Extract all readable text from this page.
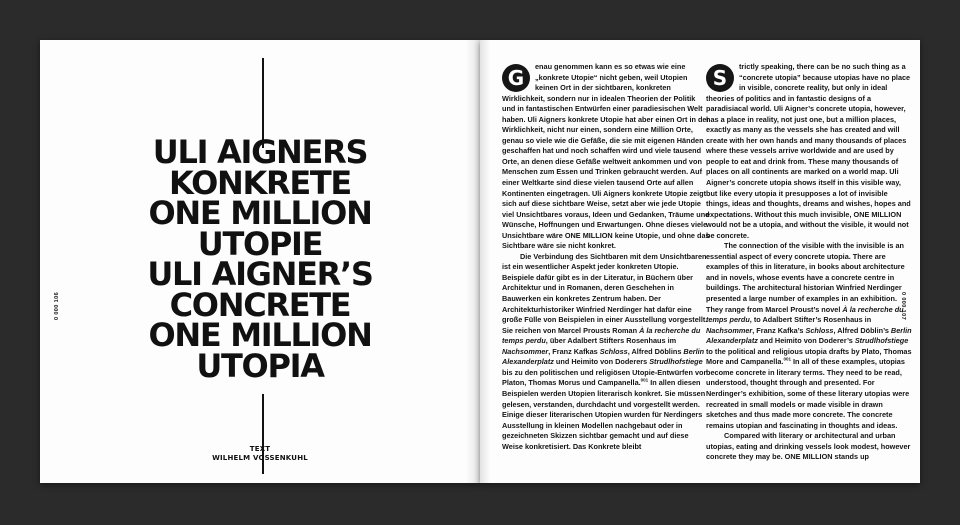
ULI AIGNERS
KONKRETE
ONE MILLION
UTOPIE
ULI AIGNER’S
CONCRETE
ONE MILLION
UTOPIA
TEXT
WILHELM VOSSENKUHL
0 000 106

G	enau genommen kann es so etwas wie eine „konkrete Utopie“ nicht geben, weil Utopien keinen Ort in der sichtbaren, konkreten Wirklichkeit, sondern nur in idealen Theorien der Politik und in fantastischen Entwürfen einer paradiesischen Welt haben. Uli Aigners konkrete Utopie hat aber einen Ort in der Wirklichkeit, nicht nur einen, sondern eine Million Orte, genau so viele wie die Gefäße, die sie mit eigenen Händen geschaffen hat und noch schaffen wird und viele tausend Orte, an denen diese Gefäße weltweit ankommen und von Menschen zum Essen und Trinken gebraucht werden. Auf einer Weltkarte sind diese vielen tausend Orte auf allen Kontinenten eingetragen. Uli Aigners konkrete Utopie zeigt sich auf diese sichtbare Weise, setzt aber wie jede Utopie viel Unsichtbares voraus, Ideen und Gedanken, Träume und Wünsche, Hoffnungen und Erwartungen. Ohne dieses viele Unsichtbare wäre ONE MILLION keine Utopie, und ohne das Sichtbare wäre sie nicht konkret.

Die Verbindung des Sichtbaren mit dem Unsichtbaren ist ein wesentlicher Aspekt jeder konkreten Utopie. Beispiele dafür gibt es in der Literatur, in Büchern über Architektur und in Romanen, deren Geschehen in Bauwerken ein konkretes Zentrum haben. Der Architekturhistoriker Winfried Nerdinger hat dafür eine große Fülle von Beispielen in einer Ausstellung vorgestellt. Sie reichen von Marcel Prousts Roman À la recherche du temps perdu, über Adalbert Stifters Rosenhaus im Nachsommer, Franz Kafkas Schloss, Alfred Döblins Berlin Alexanderplatz und Heimito von Doderers Strudlhofstiege bis zu den politischen und religiösen Utopie-Entwürfen von Platon, Thomas Morus und Campanella.$^{001}$ In allen diesen Beispielen werden Utopien literarisch konkret. Sie müssen gelesen, verstanden, durchdacht und vorgestellt werden. Einige dieser literarischen Utopien wurden für Nerdingers Ausstellung in kleinen Modellen nachgebaut oder in gezeichneten Skizzen sichtbar gemacht und auf diese Weise konkretisiert. Das Konkrete bleibt

S	trictly speaking, there can be no such thing as a “concrete utopia” because utopias have no place in visible, concrete reality, but only in ideal theories of politics and in fantastic designs of a paradisiacal world. Uli Aigner’s concrete utopia, however, has a place in reality, not just one, but a million places, exactly as many as the vessels she has created and will create with her own hands and many thousands of places where these vessels arrive worldwide and are used by people to eat and drink from. These many thousands of places on all continents are marked on a world map. Uli Aigner’s concrete utopia shows itself in this visible way, but like every utopia it presupposes a lot of invisible things, ideas and thoughts, dreams and wishes, hopes and expectations. Without this much invisible, ONE MILLION would not be a utopia, and without the visible, it would not be concrete.

The connection of the visible with the invisible is an essential aspect of every concrete utopia. There are examples of this in literature, in books about architecture and in novels, whose events have a concrete centre in buildings. The architectural historian Winfried Nerdinger presented a large number of examples in an exhibition. They range from Marcel Proust’s novel À la recherche du temps perdu, to Adalbert Stifter’s Rosenhaus in Nachsommer, Franz Kafka’s Schloss, Alfred Döblin’s Berlin Alexanderplatz and Heimito von Doderer’s Strudlhofstiege to the political and religious utopia drafts by Plato, Thomas More and Campanella.$^{001}$ In all of these examples, utopias become concrete in literary terms. They need to be read, understood, thought through and presented. For Nerdinger’s exhibition, some of these literary utopias were recreated in small models or made visible in drawn sketches and thus made more concrete. The concrete remains utopian and fascinating in thoughts and ideas.

Compared with literary or architectural and urban utopias, eating and drinking vessels look modest, however concrete they may be. ONE MILLION stands up

0 000 107
